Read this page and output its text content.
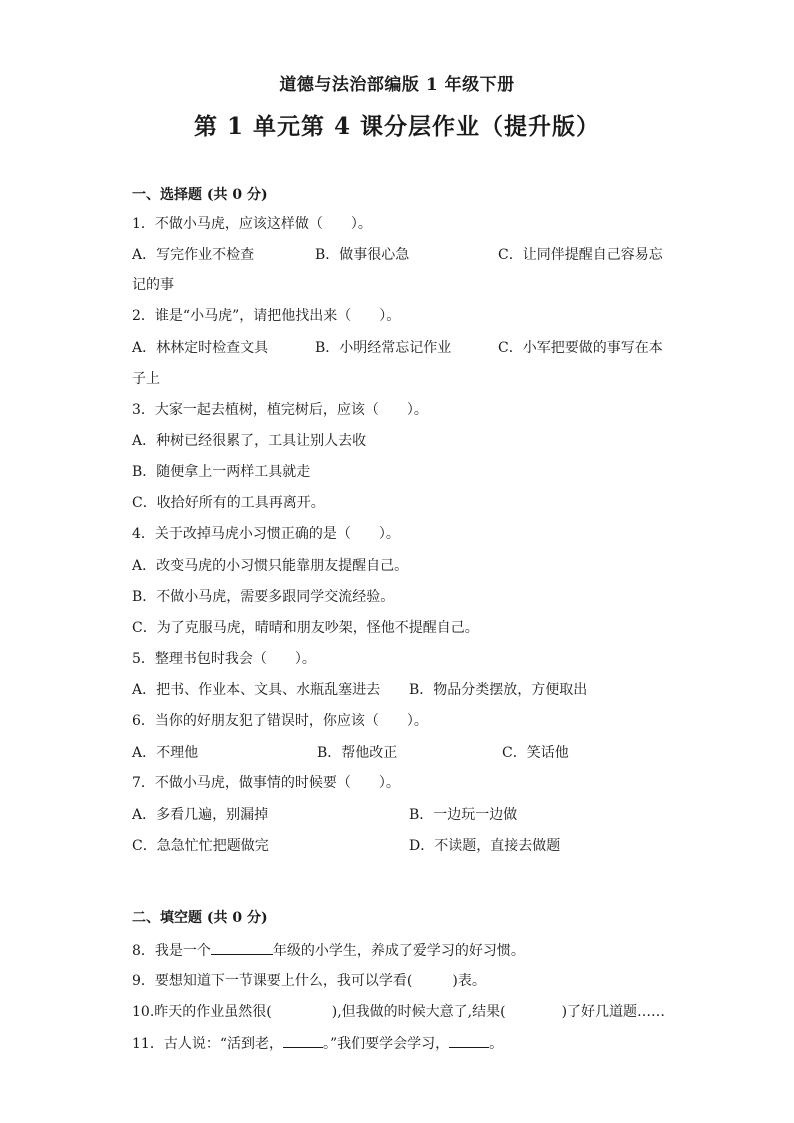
道德与法治部编版 1 年级下册
第 1 单元第 4 课分层作业（提升版）
一、选择题 (共 0 分)
1．不做小马虎，应该这样做（　　）。
A．写完作业不检查	B．做事很心急	C．让同伴提醒自己容易忘
记的事
2．谁是“小马虎”，请把他找出来（　　）。
A．林林定时检查文具	B．小明经常忘记作业	C．小军把要做的事写在本
子上
3．大家一起去植树，植完树后，应该（　　）。
A．种树已经很累了，工具让别人去收
B．随便拿上一两样工具就走
C．收拾好所有的工具再离开。
4．关于改掉马虎小习惯正确的是（　　）。
A．改变马虎的小习惯只能靠朋友提醒自己。
B．不做小马虎，需要多跟同学交流经验。
C．为了克服马虎，晴晴和朋友吵架，怪他不提醒自己。
5．整理书包时我会（　　）。
A．把书、作业本、文具、水瓶乱塞进去 B．物品分类摆放，方便取出
6．当你的好朋友犯了错误时，你应该（　　）。
A．不理他	B．帮他改正	C．笑话他
7．不做小马虎，做事情的时候要（　　）。
A．多看几遍，别漏掉	B．一边玩一边做
C．急急忙忙把题做完	D．不读题，直接去做题
二、填空题 (共 0 分)
8．我是一个	年级的小学生，养成了爱学习的好习惯。
9．要想知道下一节课要上什么，我可以学看(	)表。
10.昨天的作业虽然很(	),但我做的时候大意了,结果(	)了好几道题……
11．古人说：“活到老，	。”我们要学会学习，	。
